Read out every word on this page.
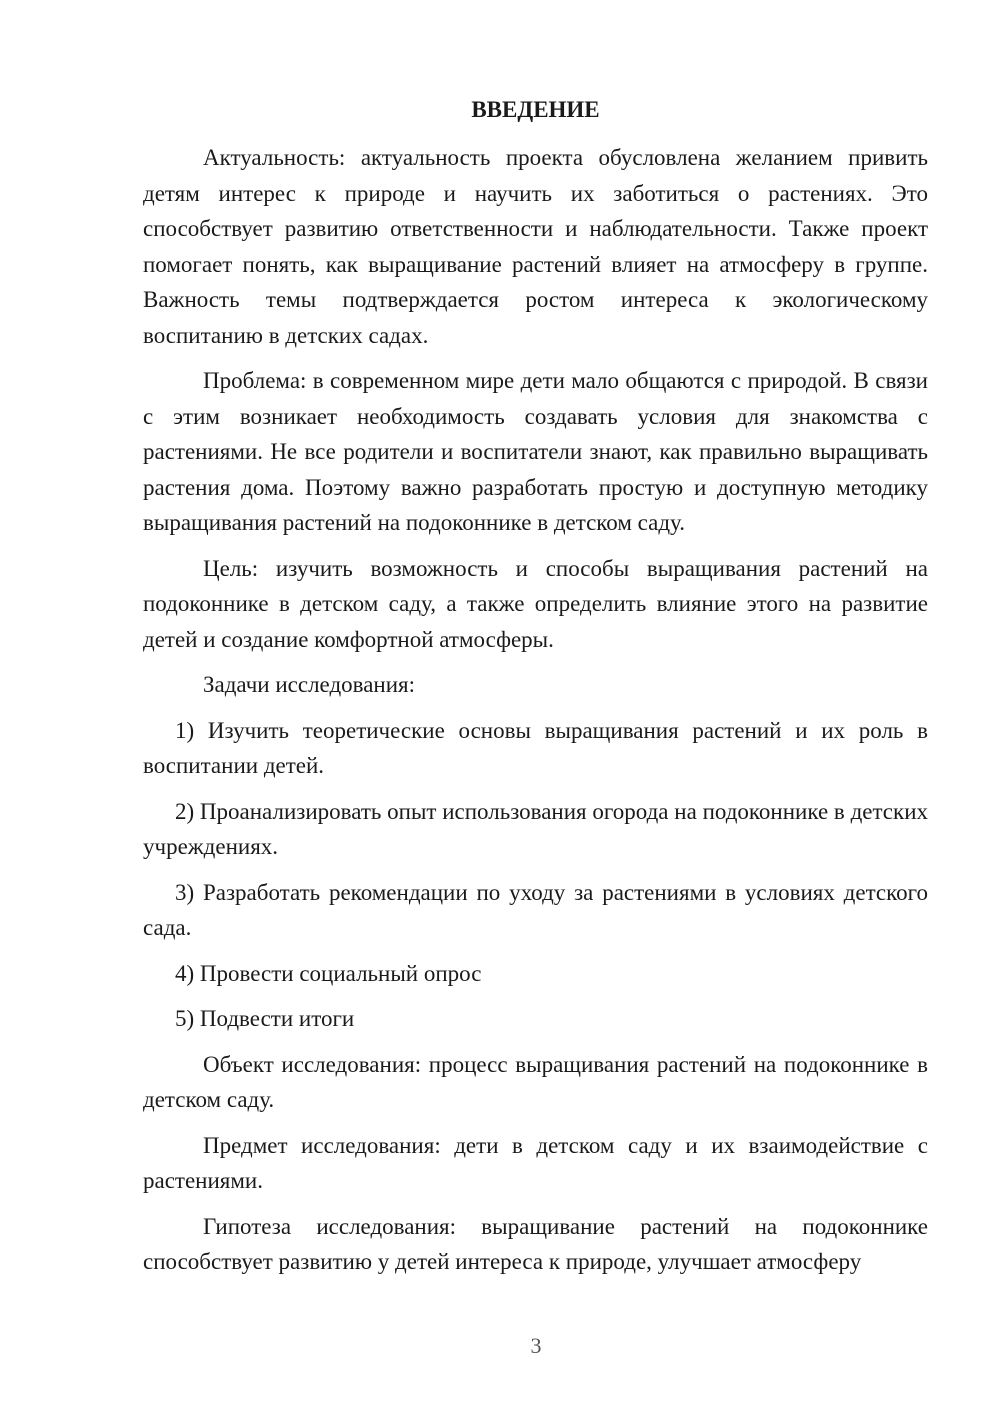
ВВЕДЕНИЕ

Актуальность: актуальность проекта обусловлена желанием привить детям интерес к природе и научить их заботиться о растениях. Это способствует развитию ответственности и наблюдательности. Также проект помогает понять, как выращивание растений влияет на атмосферу в группе. Важность темы подтверждается ростом интереса к экологическому воспитанию в детских садах.

Проблема: в современном мире дети мало общаются с природой. В связи с этим возникает необходимость создавать условия для знакомства с растениями. Не все родители и воспитатели знают, как правильно выращивать растения дома. Поэтому важно разработать простую и доступную методику выращивания растений на подоконнике в детском саду.

Цель: изучить возможность и способы выращивания растений на подоконнике в детском саду, а также определить влияние этого на развитие детей и создание комфортной атмосферы.

Задачи исследования:

1) Изучить теоретические основы выращивания растений и их роль в воспитании детей.

2) Проанализировать опыт использования огорода на подоконнике в детских учреждениях.

3) Разработать рекомендации по уходу за растениями в условиях детского сада.

4) Провести социальный опрос

5) Подвести итоги

Объект исследования: процесс выращивания растений на подоконнике в детском саду.

Предмет исследования: дети в детском саду и их взаимодействие с растениями.

Гипотеза исследования: выращивание растений на подоконнике способствует развитию у детей интереса к природе, улучшает атмосферу

3
